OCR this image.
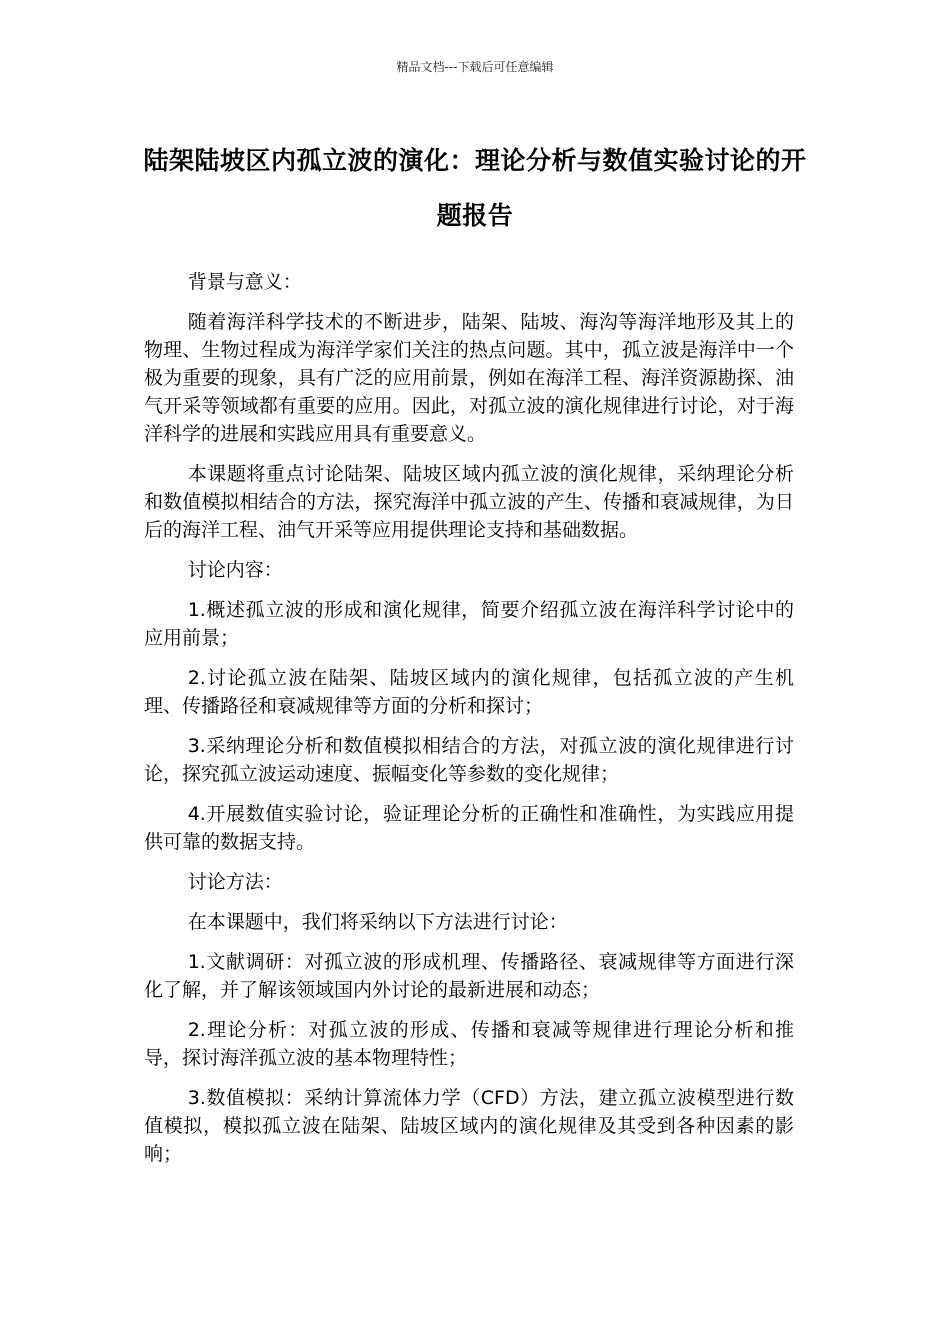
精品文档---下载后可任意编辑
陆架陆坡区内孤立波的演化：理论分析与数值实验讨论的开题报告

背景与意义：

随着海洋科学技术的不断进步，陆架、陆坡、海沟等海洋地形及其上的物理、生物过程成为海洋学家们关注的热点问题。其中，孤立波是海洋中一个极为重要的现象，具有广泛的应用前景，例如在海洋工程、海洋资源勘探、油气开采等领域都有重要的应用。因此，对孤立波的演化规律进行讨论，对于海洋科学的进展和实践应用具有重要意义。

本课题将重点讨论陆架、陆坡区域内孤立波的演化规律，采纳理论分析和数值模拟相结合的方法，探究海洋中孤立波的产生、传播和衰减规律，为日后的海洋工程、油气开采等应用提供理论支持和基础数据。

讨论内容：

1.概述孤立波的形成和演化规律，简要介绍孤立波在海洋科学讨论中的应用前景；

2.讨论孤立波在陆架、陆坡区域内的演化规律，包括孤立波的产生机理、传播路径和衰减规律等方面的分析和探讨；

3.采纳理论分析和数值模拟相结合的方法，对孤立波的演化规律进行讨论，探究孤立波运动速度、振幅变化等参数的变化规律；

4.开展数值实验讨论，验证理论分析的正确性和准确性，为实践应用提供可靠的数据支持。

讨论方法：

在本课题中，我们将采纳以下方法进行讨论：

1.文献调研：对孤立波的形成机理、传播路径、衰减规律等方面进行深化了解，并了解该领域国内外讨论的最新进展和动态；

2.理论分析：对孤立波的形成、传播和衰减等规律进行理论分析和推导，探讨海洋孤立波的基本物理特性；

3.数值模拟：采纳计算流体力学（CFD）方法，建立孤立波模型进行数值模拟，模拟孤立波在陆架、陆坡区域内的演化规律及其受到各种因素的影响；
